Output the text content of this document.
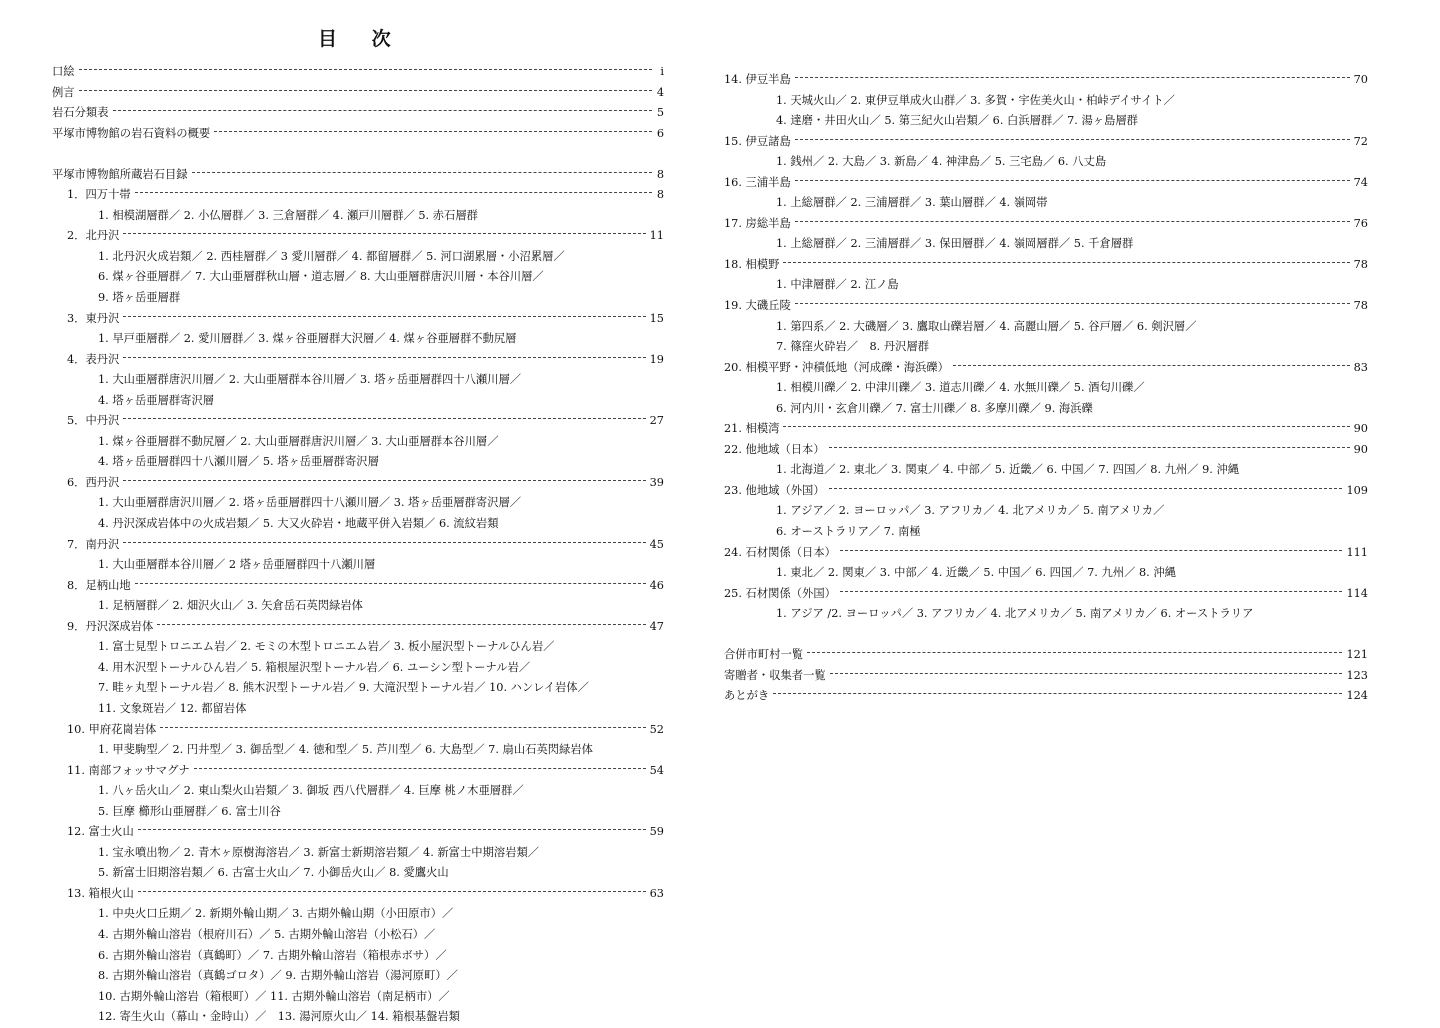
目 次
口絵	i
例言	4
岩石分類表	5
平塚市博物館の岩石資料の概要	6
平塚市博物館所蔵岩石目録	8
1．四万十帯	8
1. 相模湖層群／ 2. 小仏層群／ 3. 三倉層群／ 4. 瀬戸川層群／ 5. 赤石層群
2．北丹沢	11
1. 北丹沢火成岩類／ 2. 西桂層群／ 3 愛川層群／ 4. 都留層群／ 5. 河口湖累層・小沼累層／
6. 煤ヶ谷亜層群／ 7. 大山亜層群秋山層・道志層／ 8. 大山亜層群唐沢川層・本谷川層／
9. 塔ヶ岳亜層群
3．東丹沢	15
1. 早戸亜層群／ 2. 愛川層群／ 3. 煤ヶ谷亜層群大沢層／ 4. 煤ヶ谷亜層群不動尻層
4．表丹沢	19
1. 大山亜層群唐沢川層／ 2. 大山亜層群本谷川層／ 3. 塔ヶ岳亜層群四十八瀬川層／
4. 塔ヶ岳亜層群寄沢層
5．中丹沢	27
1. 煤ヶ谷亜層群不動尻層／ 2. 大山亜層群唐沢川層／ 3. 大山亜層群本谷川層／
4. 塔ヶ岳亜層群四十八瀬川層／ 5. 塔ヶ岳亜層群寄沢層
6．西丹沢	39
1. 大山亜層群唐沢川層／ 2. 塔ヶ岳亜層群四十八瀬川層／ 3. 塔ヶ岳亜層群寄沢層／
4. 丹沢深成岩体中の火成岩類／ 5. 大又火砕岩・地蔵平併入岩類／ 6. 流紋岩類
7．南丹沢	45
1. 大山亜層群本谷川層／ 2 塔ヶ岳亜層群四十八瀬川層
8．足柄山地	46
1. 足柄層群／ 2. 畑沢火山／ 3. 矢倉岳石英閃緑岩体
9．丹沢深成岩体	47
1. 富士見型トロニエム岩／ 2. モミの木型トロニエム岩／ 3. 板小屋沢型トーナルひん岩／
4. 用木沢型トーナルひん岩／ 5. 箱根屋沢型トーナル岩／ 6. ユーシン型トーナル岩／
7. 畦ヶ丸型トーナル岩／ 8. 熊木沢型トーナル岩／ 9. 大滝沢型トーナル岩／ 10. ハンレイ岩体／
11. 文象斑岩／ 12. 都留岩体
10. 甲府花崗岩体	52
1. 甲斐駒型／ 2. 円井型／ 3. 御岳型／ 4. 徳和型／ 5. 芦川型／ 6. 大島型／ 7. 扇山石英閃緑岩体
11. 南部フォッサマグナ	54
1. 八ヶ岳火山／ 2. 東山梨火山岩類／ 3. 御坂 西八代層群／ 4. 巨摩 桃ノ木亜層群／
5. 巨摩 櫛形山亜層群／ 6. 富士川谷
12. 富士火山	59
1. 宝永噴出物／ 2. 青木ヶ原樹海溶岩／ 3. 新富士新期溶岩類／ 4. 新富士中期溶岩類／
5. 新富士旧期溶岩類／ 6. 古富士火山／ 7. 小御岳火山／ 8. 愛鷹火山
13. 箱根火山	63
1. 中央火口丘期／ 2. 新期外輪山期／ 3. 古期外輪山期（小田原市）／
4. 古期外輪山溶岩（根府川石）／ 5. 古期外輪山溶岩（小松石）／
6. 古期外輪山溶岩（真鶴町）／ 7. 古期外輪山溶岩（箱根赤ボサ）／
8. 古期外輪山溶岩（真鶴ゴロタ）／ 9. 古期外輪山溶岩（湯河原町）／
10. 古期外輪山溶岩（箱根町）／ 11. 古期外輪山溶岩（南足柄市）／
12. 寄生火山（幕山・金時山）／　13. 湯河原火山／ 14. 箱根基盤岩類
14. 伊豆半島	70
1. 天城火山／ 2. 東伊豆単成火山群／ 3. 多賀・宇佐美火山・柏峠デイサイト／
4. 達磨・井田火山／ 5. 第三紀火山岩類／ 6. 白浜層群／ 7. 湯ヶ島層群
15. 伊豆諸島	72
1. 銭州／ 2. 大島／ 3. 新島／ 4. 神津島／ 5. 三宅島／ 6. 八丈島
16. 三浦半島	74
1. 上総層群／ 2. 三浦層群／ 3. 葉山層群／ 4. 嶺岡帯
17. 房総半島	76
1. 上総層群／ 2. 三浦層群／ 3. 保田層群／ 4. 嶺岡層群／ 5. 千倉層群
18. 相模野	78
1. 中津層群／ 2. 江ノ島
19. 大磯丘陵	78
1. 第四系／ 2. 大磯層／ 3. 鷹取山礫岩層／ 4. 高麗山層／ 5. 谷戸層／ 6. 剣沢層／
7. 篠窪火砕岩／　8. 丹沢層群
20. 相模平野・沖積低地（河成礫・海浜礫）	83
1. 相模川礫／ 2. 中津川礫／ 3. 道志川礫／ 4. 水無川礫／ 5. 酒匂川礫／
6. 河内川・玄倉川礫／ 7. 富士川礫／ 8. 多摩川礫／ 9. 海浜礫
21. 相模湾	90
22. 他地域（日本）	90
1. 北海道／ 2. 東北／ 3. 関東／ 4. 中部／ 5. 近畿／ 6. 中国／ 7. 四国／ 8. 九州／ 9. 沖縄
23. 他地域（外国）	109
1. アジア／ 2. ヨーロッパ／ 3. アフリカ／ 4. 北アメリカ／ 5. 南アメリカ／
6. オーストラリア／ 7. 南極
24. 石材関係（日本）	111
1. 東北／ 2. 関東／ 3. 中部／ 4. 近畿／ 5. 中国／ 6. 四国／ 7. 九州／ 8. 沖縄
25. 石材関係（外国）	114
1. アジア /2. ヨーロッパ／ 3. アフリカ／ 4. 北アメリカ／ 5. 南アメリカ／ 6. オーストラリア
合併市町村一覧	121
寄贈者・収集者一覧	123
あとがき	124
